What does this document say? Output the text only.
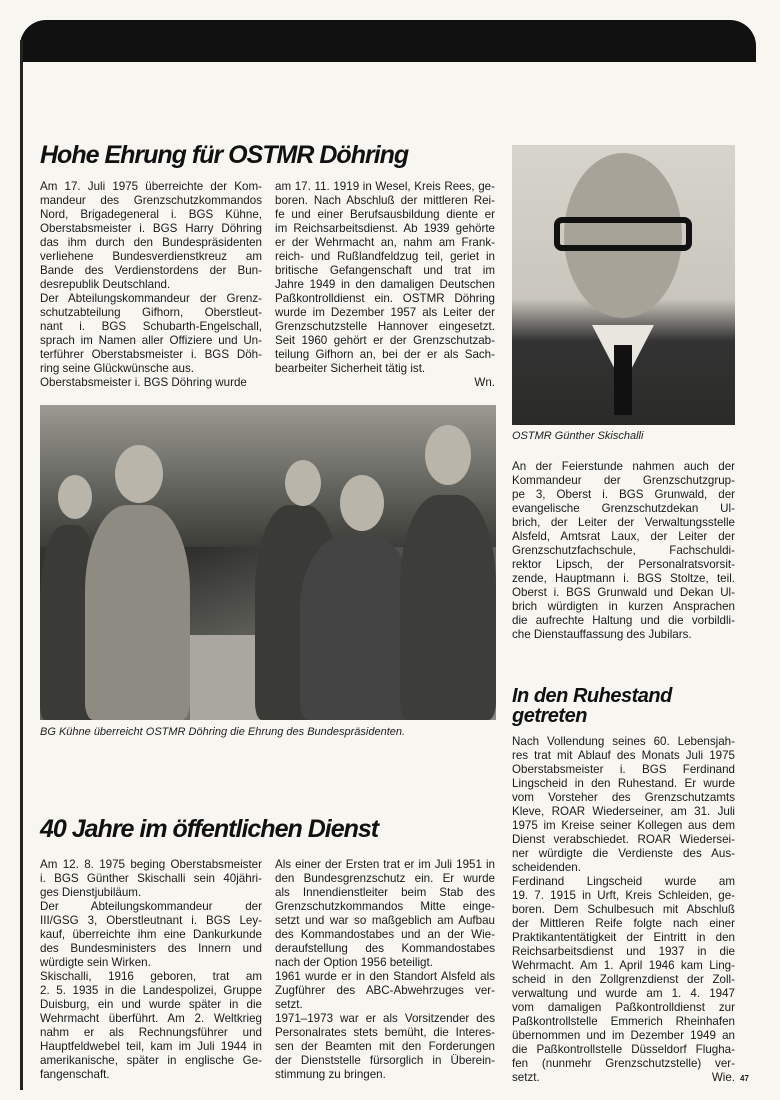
Hohe Ehrung für OSTMR Döhring
Am 17. Juli 1975 überreichte der Kom-
mandeur des Grenzschutzkommandos
Nord, Brigadegeneral i. BGS Kühne,
Oberstabsmeister i. BGS Harry Döhring
das ihm durch den Bundespräsidenten
verliehene Bundesverdienstkreuz am
Bande des Verdienstordens der Bun-
desrepublik Deutschland.
Der Abteilungskommandeur der Grenz-
schutzabteilung Gifhorn, Oberstleut-
nant i. BGS Schubarth-Engelschall,
sprach im Namen aller Offiziere und Un-
terführer Oberstabsmeister i. BGS Döh-
ring seine Glückwünsche aus.
Oberstabsmeister i. BGS Döhring wurde
am 17. 11. 1919 in Wesel, Kreis Rees, ge-
boren. Nach Abschluß der mittleren Rei-
fe und einer Berufsausbildung diente er
im Reichsarbeitsdienst. Ab 1939 gehörte
er der Wehrmacht an, nahm am Frank-
reich- und Rußlandfeldzug teil, geriet in
britische Gefangenschaft und trat im
Jahre 1949 in den damaligen Deutschen
Paßkontrolldienst ein. OSTMR Döhring
wurde im Dezember 1957 als Leiter der
Grenzschutzstelle Hannover eingesetzt.
Seit 1960 gehört er der Grenzschutzab-
teilung Gifhorn an, bei der er als Sach-
bearbeiter Sicherheit tätig ist.
Wn.
BG Kühne überreicht OSTMR Döhring die Ehrung des Bundespräsidenten.
OSTMR Günther Skischalli
An der Feierstunde nahmen auch der
Kommandeur der Grenzschutzgrup-
pe 3, Oberst i. BGS Grunwald, der
evangelische Grenzschutzdekan Ul-
brich, der Leiter der Verwaltungsstelle
Alsfeld, Amtsrat Laux, der Leiter der
Grenzschutzfachschule, Fachschuldi-
rektor Lipsch, der Personalratsvorsit-
zende, Hauptmann i. BGS Stoltze, teil.
Oberst i. BGS Grunwald und Dekan Ul-
brich würdigten in kurzen Ansprachen
die aufrechte Haltung und die vorbildli-
che Dienstauffassung des Jubilars.
In den Ruhestand getreten
Nach Vollendung seines 60. Lebensjah-
res trat mit Ablauf des Monats Juli 1975
Oberstabsmeister i. BGS Ferdinand
Lingscheid in den Ruhestand. Er wurde
vom Vorsteher des Grenzschutzamts
Kleve, ROAR Wiederseiner, am 31. Juli
1975 im Kreise seiner Kollegen aus dem
Dienst verabschiedet. ROAR Wiedersei-
ner würdigte die Verdienste des Aus-
scheidenden.
Ferdinand Lingscheid wurde am
19. 7. 1915 in Urft, Kreis Schleiden, ge-
boren. Dem Schulbesuch mit Abschluß
der Mittleren Reife folgte nach einer
Praktikantentätigkeit der Eintritt in den
Reichsarbeitsdienst und 1937 in die
Wehrmacht. Am 1. April 1946 kam Ling-
scheid in den Zollgrenzdienst der Zoll-
verwaltung und wurde am 1. 4. 1947
vom damaligen Paßkontrolldienst zur
Paßkontrollstelle Emmerich Rheinhafen
übernommen und im Dezember 1949 an
die Paßkontrollstelle Düsseldorf Flugha-
fen (nunmehr Grenzschutzstelle) ver-
setzt.	Wie.
40 Jahre im öffentlichen Dienst
Am 12. 8. 1975 beging Oberstabsmeister
i. BGS Günther Skischalli sein 40jähri-
ges Dienstjubiläum.
Der Abteilungskommandeur der
III/GSG 3, Oberstleutnant i. BGS Ley-
kauf, überreichte ihm eine Dankurkunde
des Bundesministers des Innern und
würdigte sein Wirken.
Skischalli, 1916 geboren, trat am
2. 5. 1935 in die Landespolizei, Gruppe
Duisburg, ein und wurde später in die
Wehrmacht überführt. Am 2. Weltkrieg
nahm er als Rechnungsführer und
Hauptfeldwebel teil, kam im Juli 1944 in
amerikanische, später in englische Ge-
fangenschaft.
Als einer der Ersten trat er im Juli 1951 in
den Bundesgrenzschutz ein. Er wurde
als Innendienstleiter beim Stab des
Grenzschutzkommandos Mitte einge-
setzt und war so maßgeblich am Aufbau
des Kommandostabes und an der Wie-
deraufstellung des Kommandostabes
nach der Option 1956 beteiligt.
1961 wurde er in den Standort Alsfeld als
Zugführer des ABC-Abwehrzuges ver-
setzt.
1971–1973 war er als Vorsitzender des
Personalrates stets bemüht, die Interes-
sen der Beamten mit den Forderungen
der Dienststelle fürsorglich in Überein-
stimmung zu bringen.	47
